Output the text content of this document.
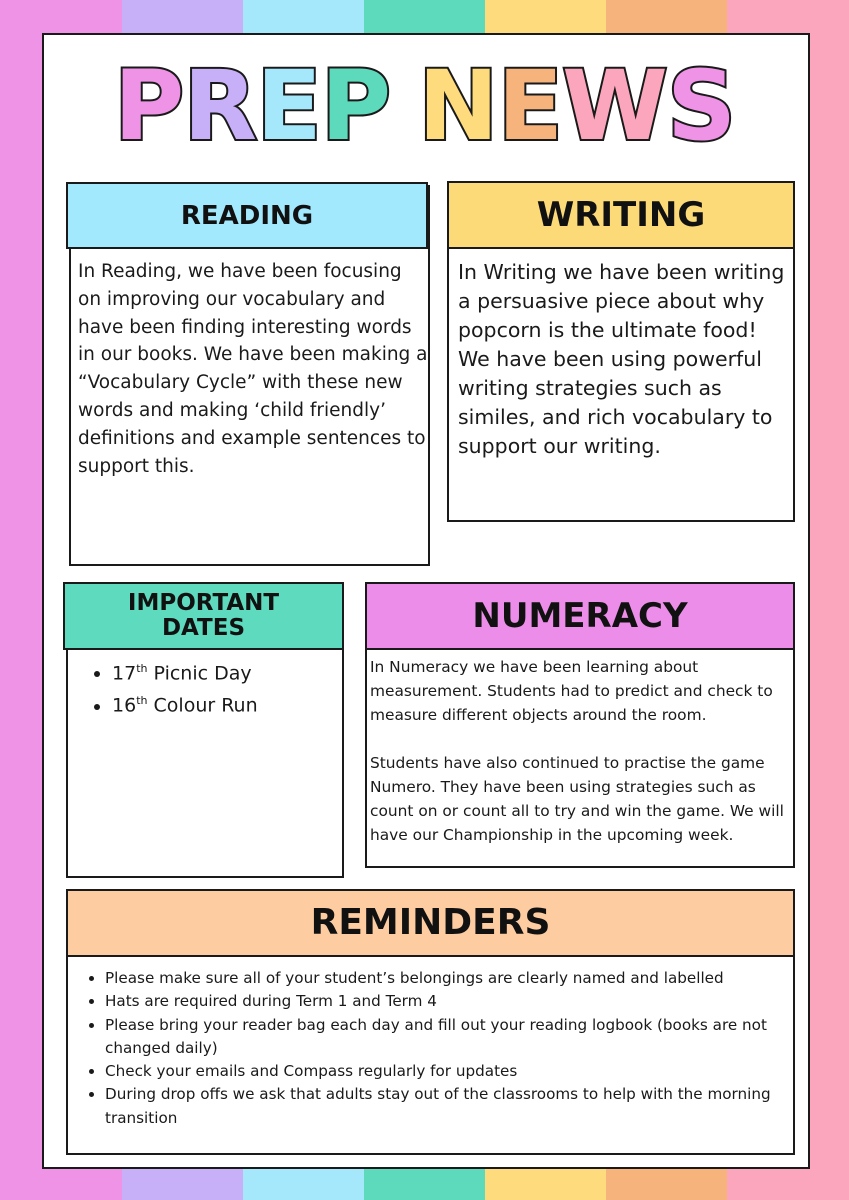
PREP NEWS
READING
In Reading, we have been focusing on improving our vocabulary and have been finding interesting words in our books. We have been making a “Vocabulary Cycle” with these new words and making ‘child friendly’ definitions and example sentences to support this.
WRITING
In Writing we have been writing a persuasive piece about why popcorn is the ultimate food! We have been using powerful writing strategies such as similes, and rich vocabulary to support our writing.
IMPORTANT
DATES
• 17th Picnic Day
• 16th Colour Run
NUMERACY
In Numeracy we have been learning about measurement. Students had to predict and check to measure different objects around the room.
Students have also continued to practise the game Numero. They have been using strategies such as count on or count all to try and win the game. We will have our Championship in the upcoming week.
REMINDERS
• Please make sure all of your student’s belongings are clearly named and labelled
• Hats are required during Term 1 and Term 4
• Please bring your reader bag each day and fill out your reading logbook (books are not changed daily)
• Check your emails and Compass regularly for updates
• During drop offs we ask that adults stay out of the classrooms to help with the morning transition
